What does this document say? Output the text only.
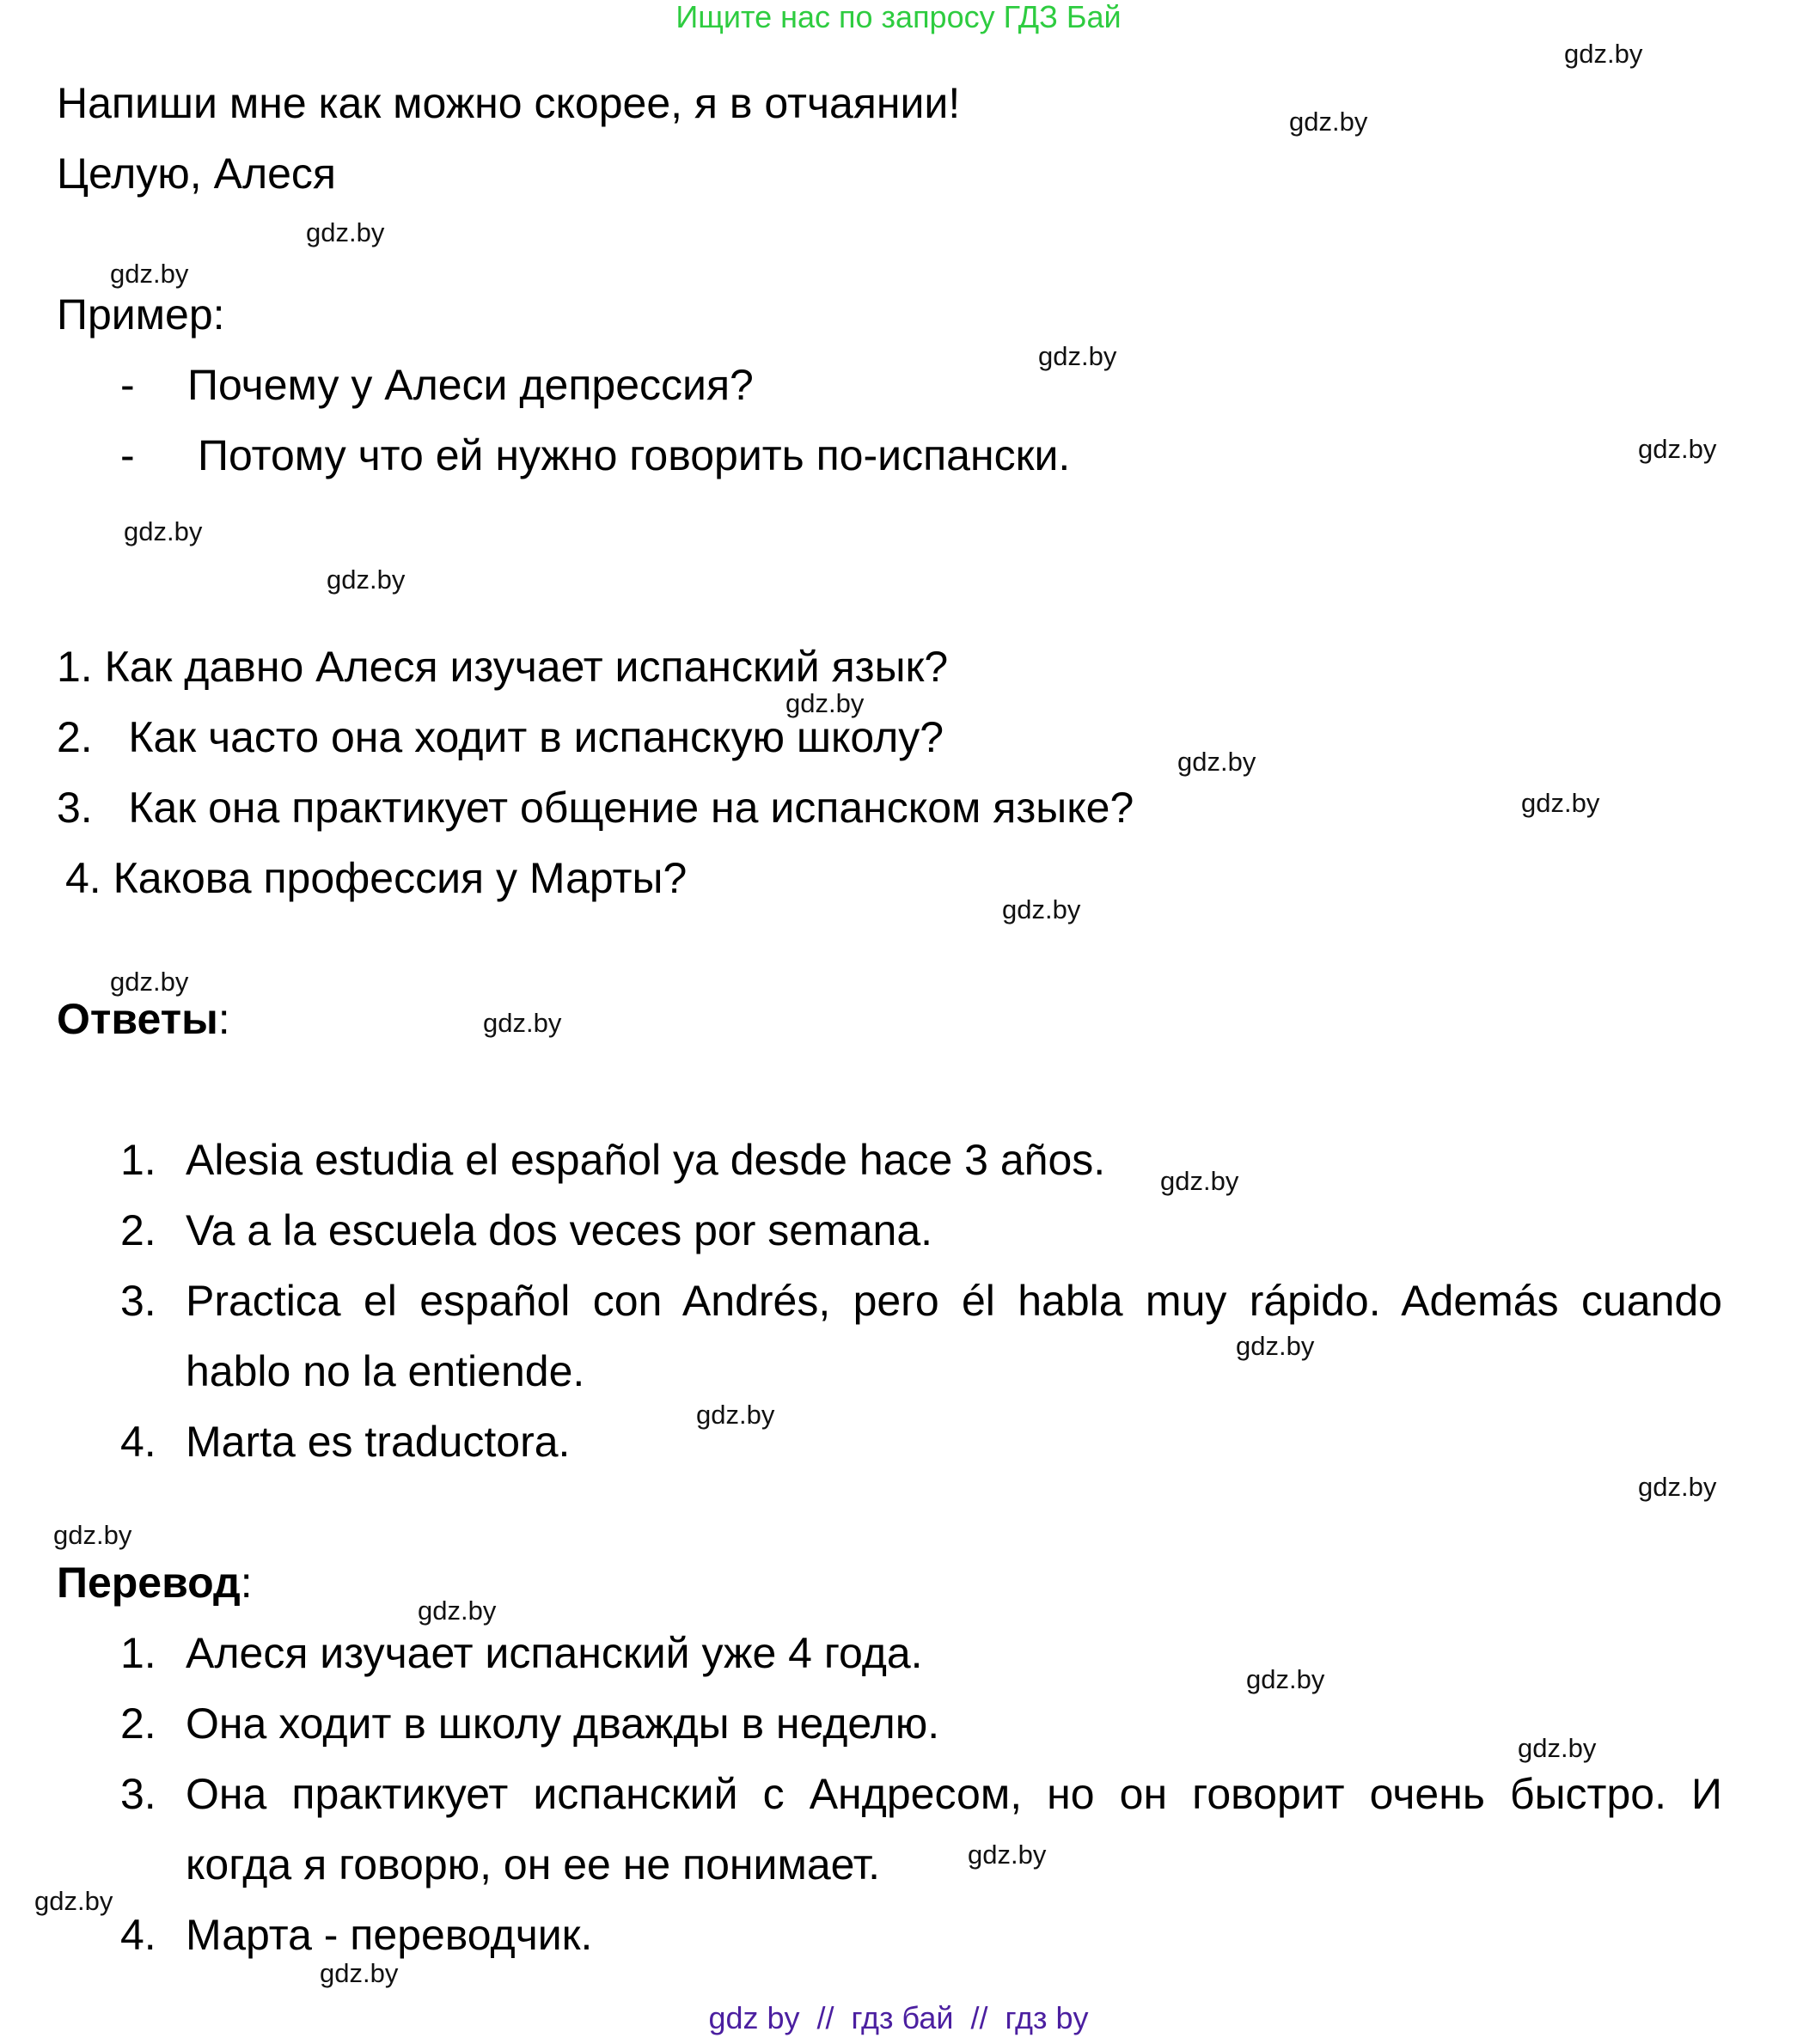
Ищите нас по запросу ГДЗ Бай
Напиши мне как можно скорее, я в отчаянии!
Целую, Алеся
Пример:
- Почему у Алеси депрессия?
- Потому что ей нужно говорить по-испански.
1. Как давно Алеся изучает испанский язык?
2.   Как часто она ходит в испанскую школу?
3.   Как она практикует общение на испанском языке?
4. Какова профессия у Марты?
Ответы:
1. Alesia estudia el español ya desde hace 3 años.
2. Va a la escuela dos veces por semana.
3. Practica el español con Andrés, pero él habla muy rápido. Además cuando
hablo no la entiende.
4. Marta es traductora.
Перевод:
1. Алеся изучает испанский уже 4 года.
2. Она ходит в школу дважды в неделю.
3. Она практикует испанский с Андресом, но он говорит очень быстро. И
когда я говорю, он ее не понимает.
4. Марта - переводчик.
gdz.by
gdz.by
gdz.by
gdz.by
gdz.by
gdz.by
gdz.by
gdz.by
gdz.by
gdz.by
gdz.by
gdz.by
gdz.by
gdz.by
gdz.by
gdz.by
gdz.by
gdz.by
gdz.by
gdz.by
gdz.by
gdz.by
gdz.by
gdz.by
gdz.by
gdz by  //  гдз бай  //  гдз by
